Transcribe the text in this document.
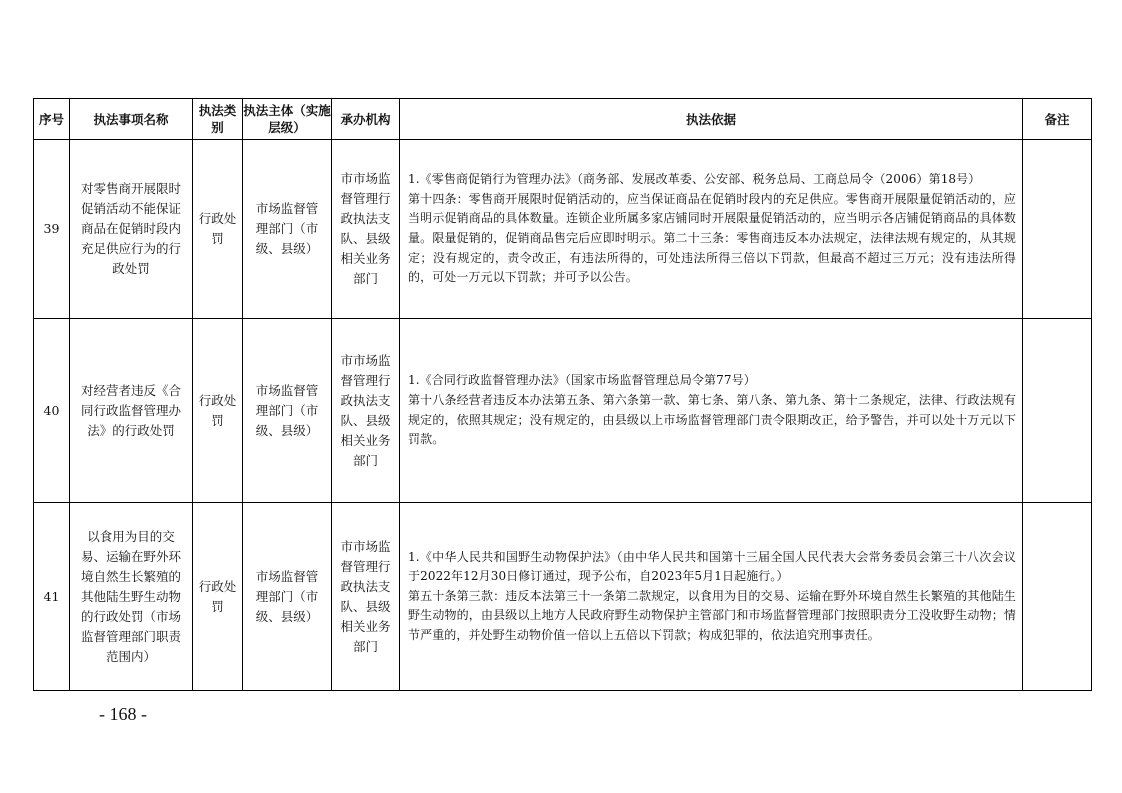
序号	执法事项名称	执法类别	执法主体（实施层级）	承办机构	执法依据	备注
39	对零售商开展限时促销活动不能保证商品在促销时段内充足供应行为的行政处罚	行政处罚	市场监督管理部门（市级、县级）	市市场监督管理行政执法支队、县级相关业务部门	1.《零售商促销行为管理办法》（商务部、发展改革委、公安部、税务总局、工商总局令（2006）第18号）

第十四条：零售商开展限时促销活动的，应当保证商品在促销时段内的充足供应。零售商开展限量促销活动的，应当明示促销商品的具体数量。连锁企业所属多家店铺同时开展限量促销活动的，应当明示各店铺促销商品的具体数量。限量促销的，促销商品售完后应即时明示。第二十三条：零售商违反本办法规定，法律法规有规定的，从其规定；没有规定的，责令改正，有违法所得的，可处违法所得三倍以下罚款，但最高不超过三万元；没有违法所得的，可处一万元以下罚款；并可予以公告。	

40	对经营者违反《合同行政监督管理办法》的行政处罚	行政处罚	市场监督管理部门（市级、县级）	市市场监督管理行政执法支队、县级相关业务部门	1.《合同行政监督管理办法》（国家市场监督管理总局令第77号）

第十八条经营者违反本办法第五条、第六条第一款、第七条、第八条、第九条、第十二条规定，法律、行政法规有规定的，依照其规定；没有规定的，由县级以上市场监督管理部门责令限期改正，给予警告，并可以处十万元以下罚款。	

41	以食用为目的交易、运输在野外环境自然生长繁殖的其他陆生野生动物的行政处罚（市场监督管理部门职责范围内）	行政处罚	市场监督管理部门（市级、县级）	市市场监督管理行政执法支队、县级相关业务部门	1.《中华人民共和国野生动物保护法》（由中华人民共和国第十三届全国人民代表大会常务委员会第三十八次会议于2022年12月30日修订通过，现予公布，自2023年5月1日起施行。）

第五十条第三款：违反本法第三十一条第二款规定，以食用为目的交易、运输在野外环境自然生长繁殖的其他陆生野生动物的，由县级以上地方人民政府野生动物保护主管部门和市场监督管理部门按照职责分工没收野生动物；情节严重的，并处野生动物价值一倍以上五倍以下罚款；构成犯罪的，依法追究刑事责任。	

- 168 -
